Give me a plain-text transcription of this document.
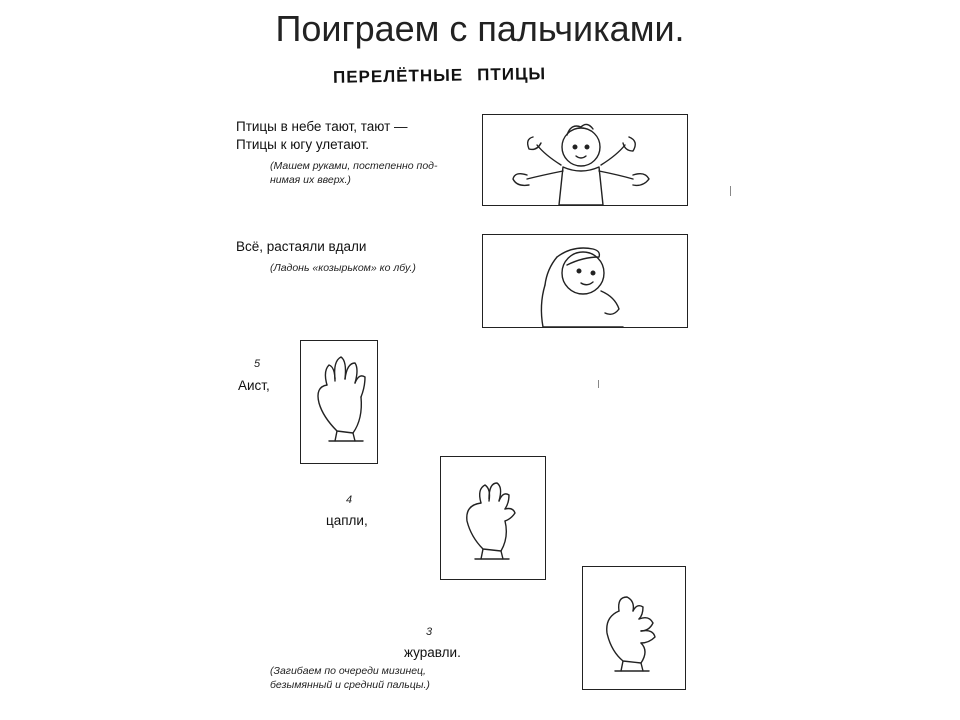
Поиграем с пальчиками.
ПЕРЕЛЁТНЫЕ ПТИЦЫ
Птицы в небе тают, тают —
Птицы к югу улетают.
(Машем руками, постепенно под-
нимая их вверх.)
Всё, растаяли вдали
(Ладонь «козырьком» ко лбу.)
5
Аист,
4
цапли,
3
журавли.
(Загибаем по очереди мизинец,
безымянный и средний пальцы.)
